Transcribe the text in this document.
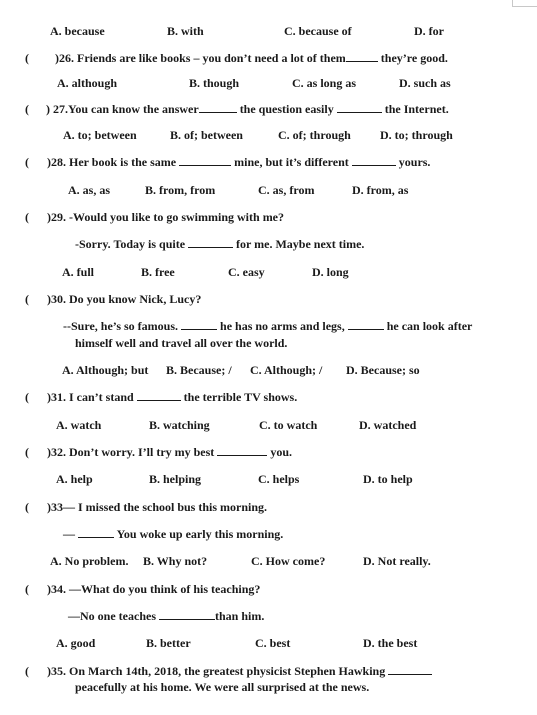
A. because	B. with	C. because of	D. for
( )26. Friends are like books – you don’t need a lot of them	they’re good.
A. although	B. though	C. as long as	D. such as
( ) 27.You can know the answer	the question easily	the Internet.
A. to; between	B. of; between	C. of; through D. to; through
( )28. Her book is the same	mine, but it’s different	yours.
A. as, as	B. from, from	C. as, from	D. from, as
( )29. -Would you like to go swimming with me?
-Sorry. Today is quite	for me. Maybe next time.
A. full	B. free	C. easy	D. long
( )30. Do you know Nick, Lucy?
--Sure, he’s so famous.	he has no arms and legs,	he can look after
himself well and travel all over the world.
A. Although; but B. Because; / C. Although; / D. Because; so
( )31. I can’t stand	the terrible TV shows.
A. watch	B. watching	C. to watch	D. watched
( )32. Don’t worry. I’ll try my best	you.
A. help	B. helping	C. helps	D. to help
( )33— I missed the school bus this morning.
—	You woke up early this morning.
A. No problem. B. Why not?	C. How come?	D. Not really.
( )34. —What do you think of his teaching?
—No one teaches	than him.
A. good	B. better	C. best	D. the best
( )35. On March 14th, 2018, the greatest physicist Stephen Hawking
peacefully at his home. We were all surprised at the news.
